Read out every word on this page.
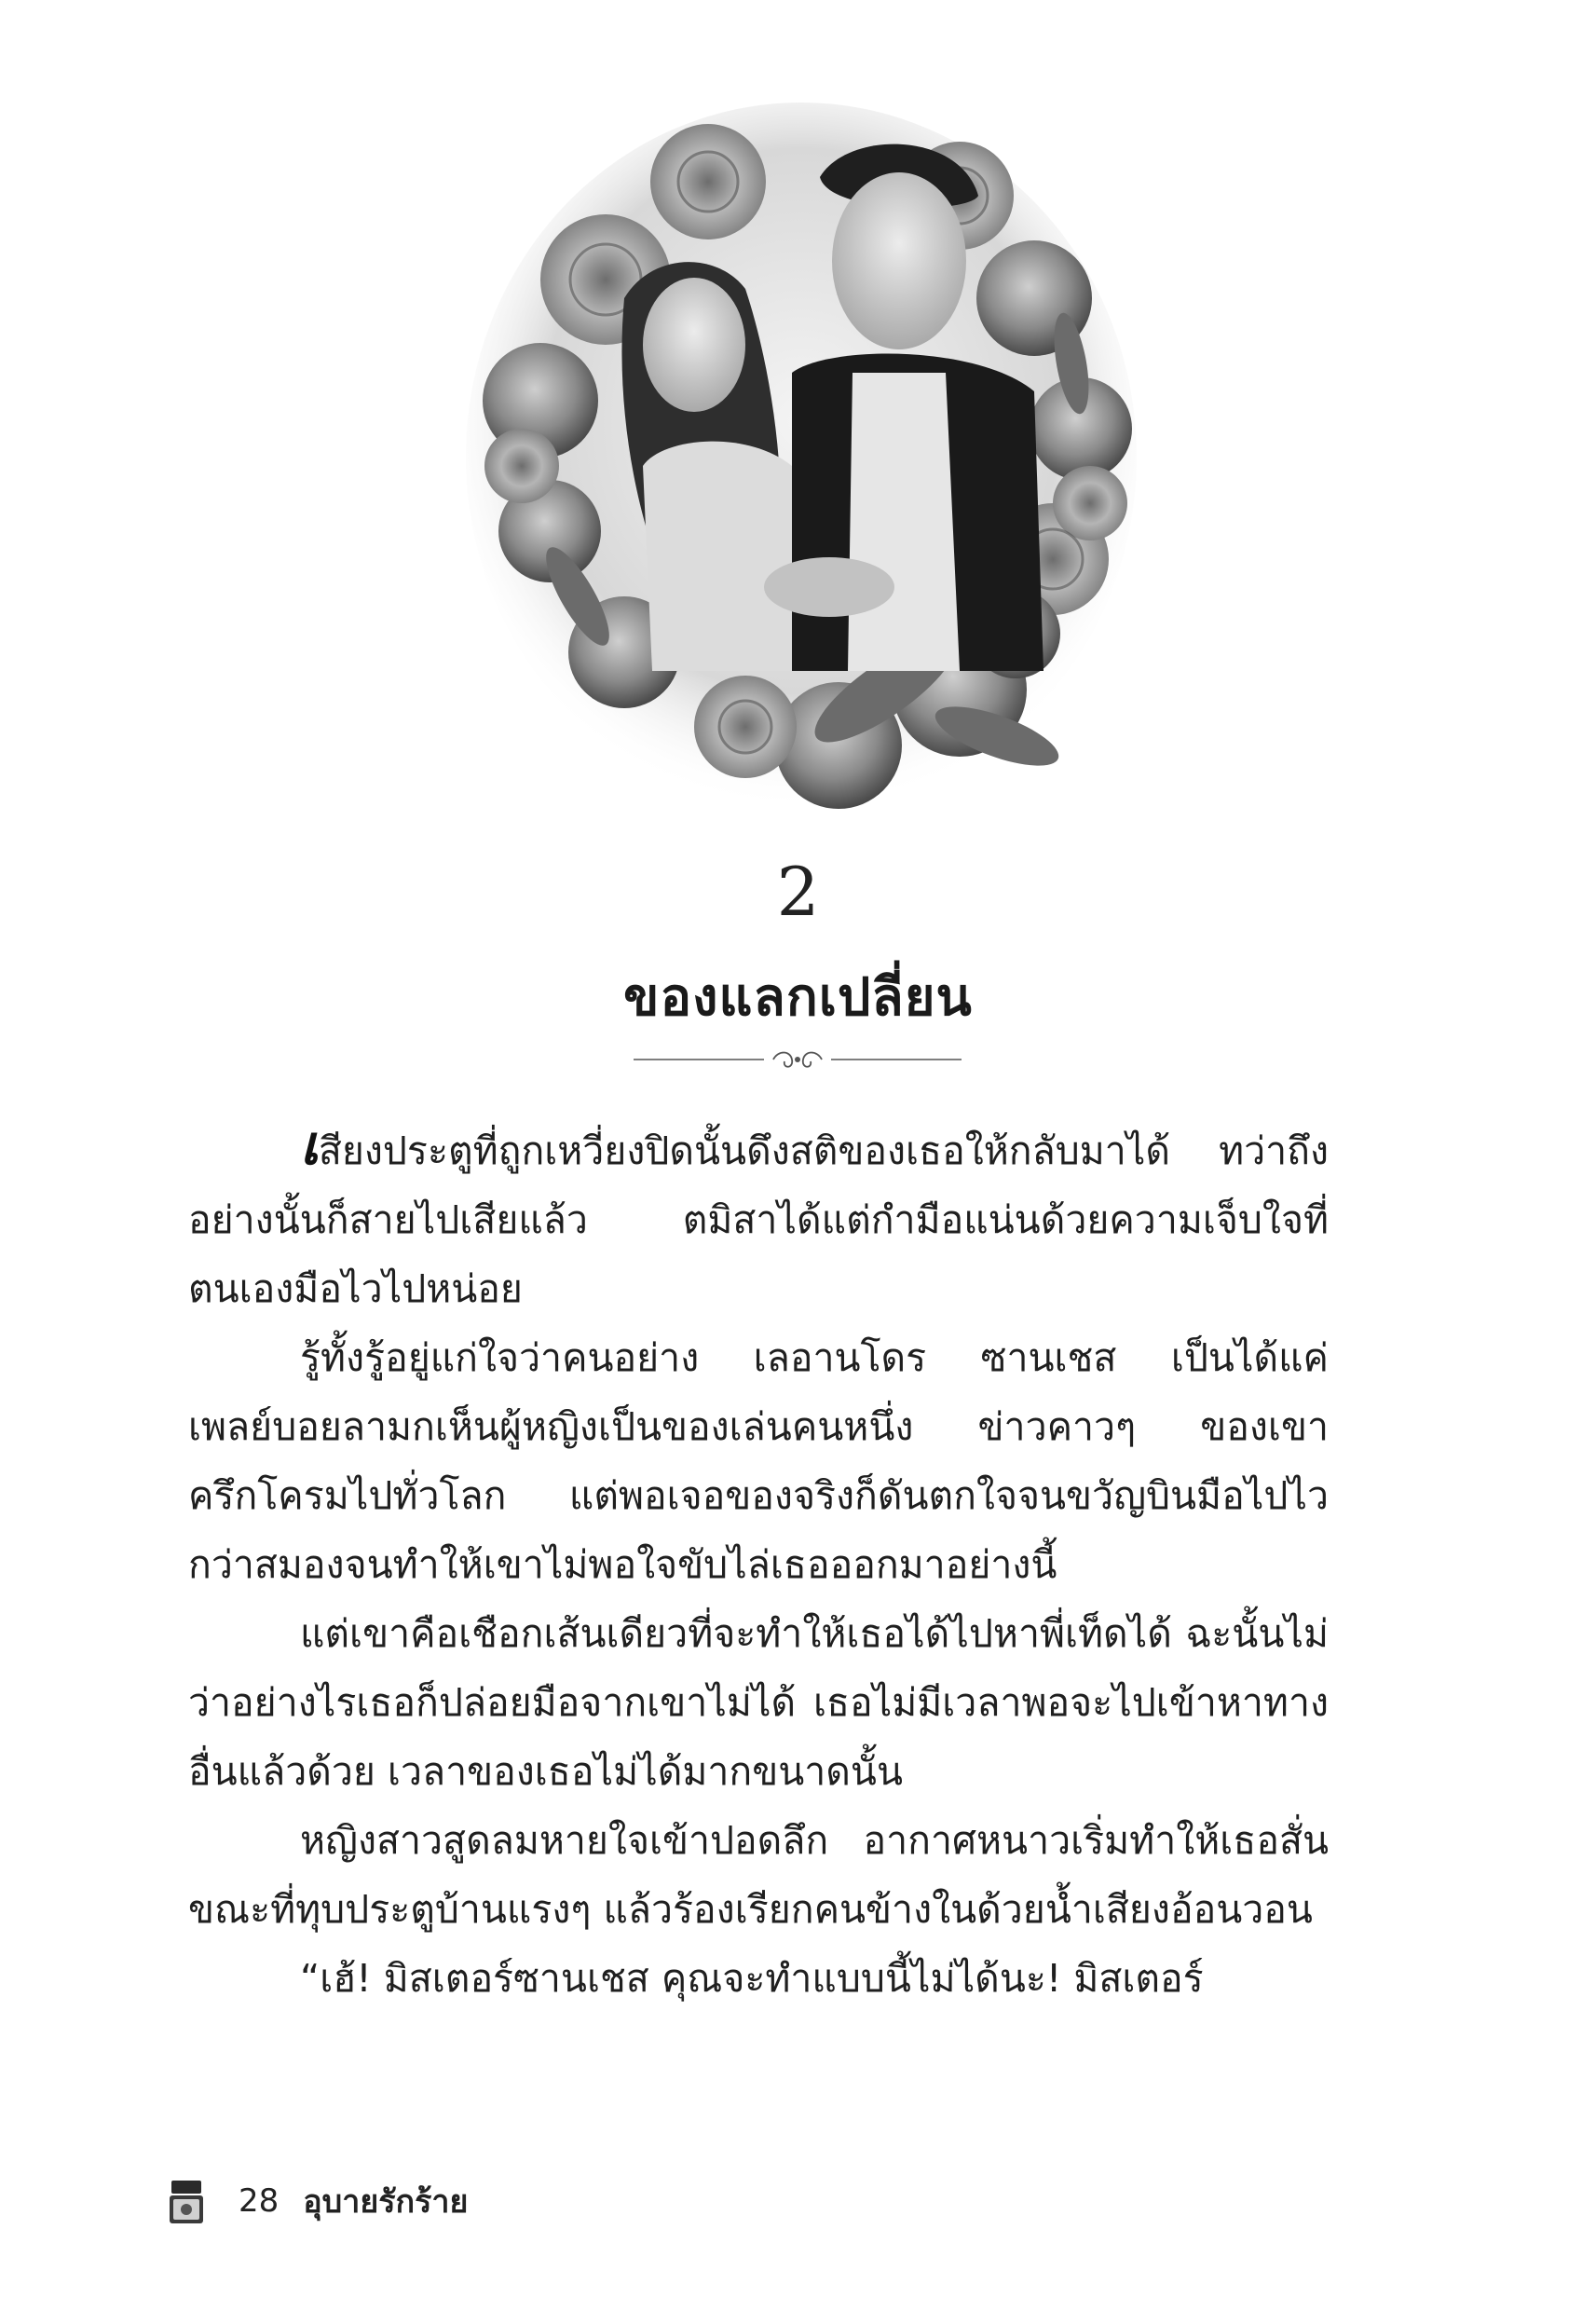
2
ของแลกเปลี่ยน

เสียงประตูที่ถูกเหวี่ยงปิดนั้นดึงสติของเธอให้กลับมาได้ ทว่าถึงอย่างนั้นก็สายไปเสียแล้ว ตมิสาได้แต่กำมือแน่นด้วยความเจ็บใจที่ตนเองมือไวไปหน่อย

รู้ทั้งรู้อยู่แก่ใจว่าคนอย่าง เลอานโดร ซานเชส เป็นได้แค่เพลย์บอยลามกเห็นผู้หญิงเป็นของเล่นคนหนึ่ง ข่าวคาวๆ ของเขาครึกโครมไปทั่วโลก แต่พอเจอของจริงก็ดันตกใจจนขวัญบินมือไปไวกว่าสมองจนทำให้เขาไม่พอใจขับไล่เธอออกมาอย่างนี้

แต่เขาคือเชือกเส้นเดียวที่จะทำให้เธอได้ไปหาพี่เท็ดได้ ฉะนั้นไม่ว่าอย่างไรเธอก็ปล่อยมือจากเขาไม่ได้ เธอไม่มีเวลาพอจะไปเข้าหาทางอื่นแล้วด้วย เวลาของเธอไม่ได้มากขนาดนั้น

หญิงสาวสูดลมหายใจเข้าปอดลึก อากาศหนาวเริ่มทำให้เธอสั่นขณะที่ทุบประตูบ้านแรงๆ แล้วร้องเรียกคนข้างในด้วยน้ำเสียงอ้อนวอน

“เฮ้! มิสเตอร์ซานเชส คุณจะทำแบบนี้ไม่ได้นะ! มิสเตอร์

28 อุบายรักร้าย
